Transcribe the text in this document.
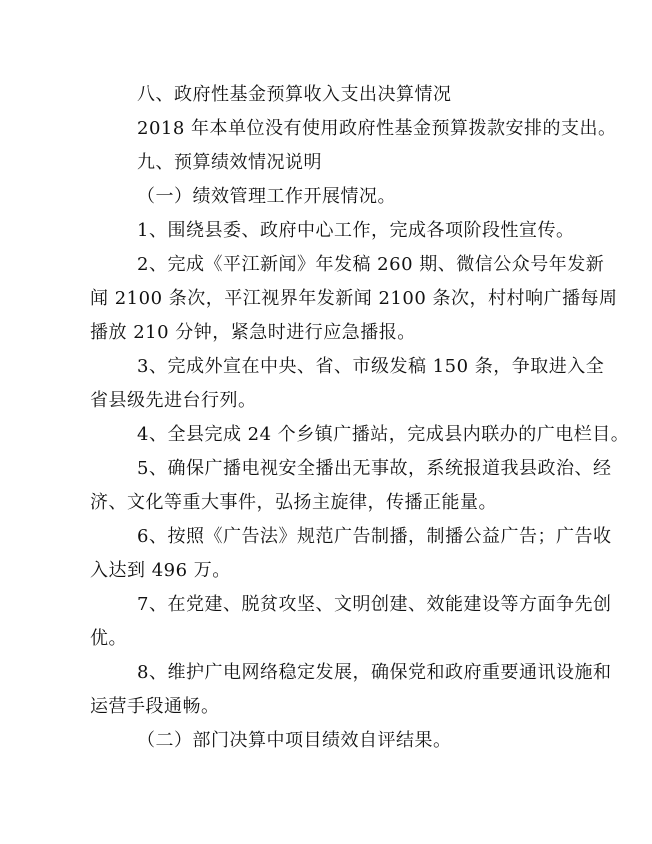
八、政府性基金预算收入支出决算情况
2018 年本单位没有使用政府性基金预算拨款安排的支出。
九、预算绩效情况说明
（一）绩效管理工作开展情况。
1、围绕县委、政府中心工作，完成各项阶段性宣传。
2、完成《平江新闻》年发稿 260 期、微信公众号年发新
闻 2100 条次，平江视界年发新闻 2100 条次，村村响广播每周
播放 210 分钟，紧急时进行应急播报。
3、完成外宣在中央、省、市级发稿 150 条，争取进入全
省县级先进台行列。
4、全县完成 24 个乡镇广播站，完成县内联办的广电栏目。
5、确保广播电视安全播出无事故，系统报道我县政治、经
济、文化等重大事件，弘扬主旋律，传播正能量。
6、按照《广告法》规范广告制播，制播公益广告；广告收
入达到 496 万。
7、在党建、脱贫攻坚、文明创建、效能建设等方面争先创
优。
8、维护广电网络稳定发展，确保党和政府重要通讯设施和
运营手段通畅。
（二）部门决算中项目绩效自评结果。
